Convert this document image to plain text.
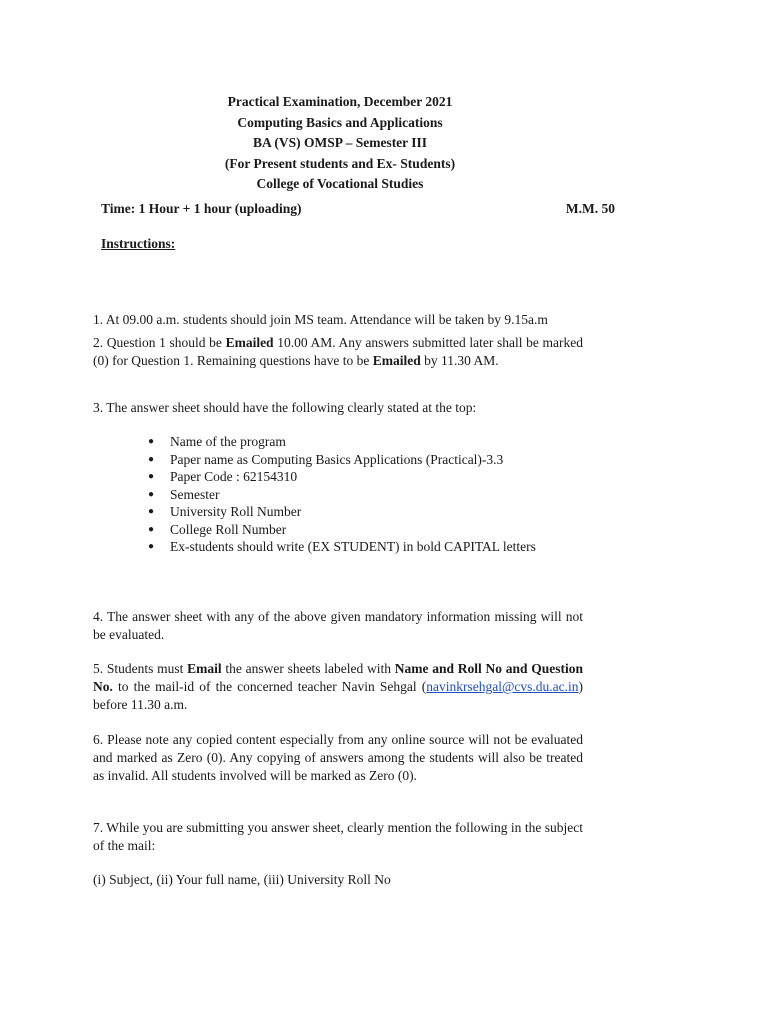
Practical Examination, December 2021
Computing Basics and Applications
BA (VS) OMSP – Semester III
(For Present students and Ex- Students)
College of Vocational Studies
Time: 1 Hour + 1 hour (uploading)	M.M. 50
Instructions:

1. At 09.00 a.m. students should join MS team. Attendance will be taken by 9.15a.m

2. Question 1 should be Emailed 10.00 AM. Any answers submitted later shall be marked (0) for Question 1. Remaining questions have to be Emailed by 11.30 AM.

3. The answer sheet should have the following clearly stated at the top:

● Name of the program
● Paper name as Computing Basics Applications (Practical)-3.3
● Paper Code : 62154310
● Semester
● University Roll Number
● College Roll Number
● Ex-students should write (EX STUDENT) in bold CAPITAL letters

4. The answer sheet with any of the above given mandatory information missing will not be evaluated.

5. Students must Email the answer sheets labeled with Name and Roll No and Question No. to the mail-id of the concerned teacher Navin Sehgal (navinkrsehgal@cvs.du.ac.in) before 11.30 a.m.

6. Please note any copied content especially from any online source will not be evaluated and marked as Zero (0). Any copying of answers among the students will also be treated as invalid. All students involved will be marked as Zero (0).

7. While you are submitting you answer sheet, clearly mention the following in the subject of the mail:

(i) Subject, (ii) Your full name, (iii) University Roll No
